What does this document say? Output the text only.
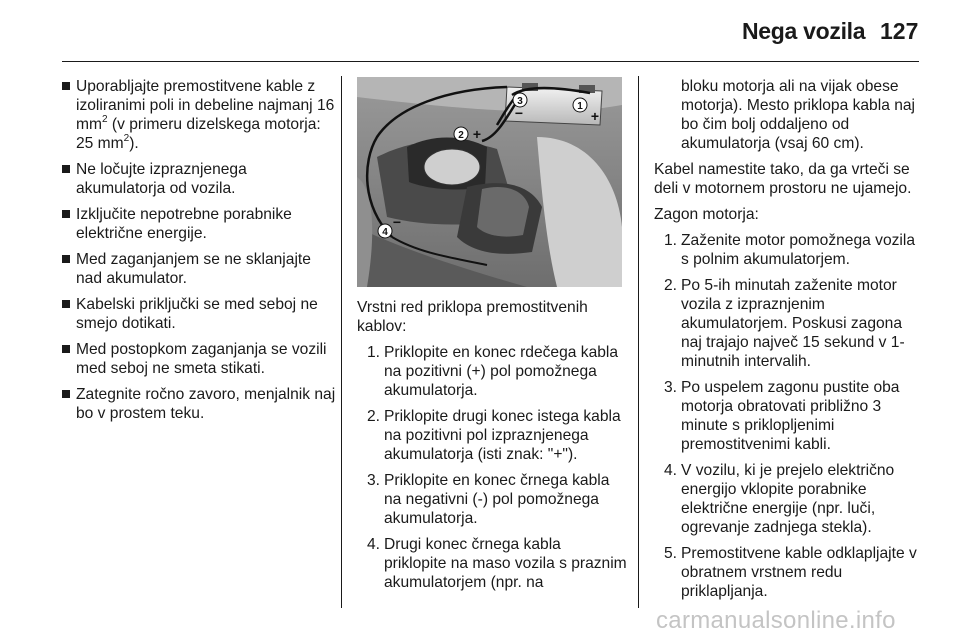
Nega vozila 127
Uporabljajte premostitvene kable z izoliranimi poli in debeline najmanj 16 $mm^2$ (v primeru dizelskega motorja: 25 $mm^2$).
Ne ločujte izpraznjenega akumulatorja od vozila.
Izključite nepotrebne porabnike električne energije.
Med zaganjanjem se ne sklanjajte nad akumulator.
Kabelski priključki se med seboj ne smejo dotikati.
Med postopkom zaganjanja se vozili med seboj ne smeta stikati.
Zategnite ročno zavoro, menjalnik naj bo v prostem teku.
1
+
2 +
3
−
4
−

Vrstni red priklopa premostitvenih kablov:

1. Priklopite en konec rdečega kabla na pozitivni (+) pol pomožnega akumulatorja.
2. Priklopite drugi konec istega kabla na pozitivni pol izpraznjenega akumulatorja (isti znak: "+").
3. Priklopite en konec črnega kabla na negativni (-) pol pomožnega akumulatorja.
4. Drugi konec črnega kabla priklopite na maso vozila s praznim akumulatorjem (npr. na

bloku motorja ali na vijak obese motorja). Mesto priklopa kabla naj bo čim bolj oddaljeno od akumulatorja (vsaj 60 cm).

Kabel namestite tako, da ga vrteči se deli v motornem prostoru ne ujamejo.

Zagon motorja:

1. Zaženite motor pomožnega vozila s polnim akumulatorjem.
2. Po 5-ih minutah zaženite motor vozila z izpraznjenim akumulatorjem. Poskusi zagona naj trajajo največ 15 sekund v 1-minutnih intervalih.
3. Po uspelem zagonu pustite oba motorja obratovati približno 3 minute s priklopljenimi premostitvenimi kabli.
4. V vozilu, ki je prejelo električno energijo vklopite porabnike električne energije (npr. luči, ogrevanje zadnjega stekla).
5. Premostitvene kable odklapljajte v obratnem vrstnem redu priklapljanja.
carmanualsonline.info
